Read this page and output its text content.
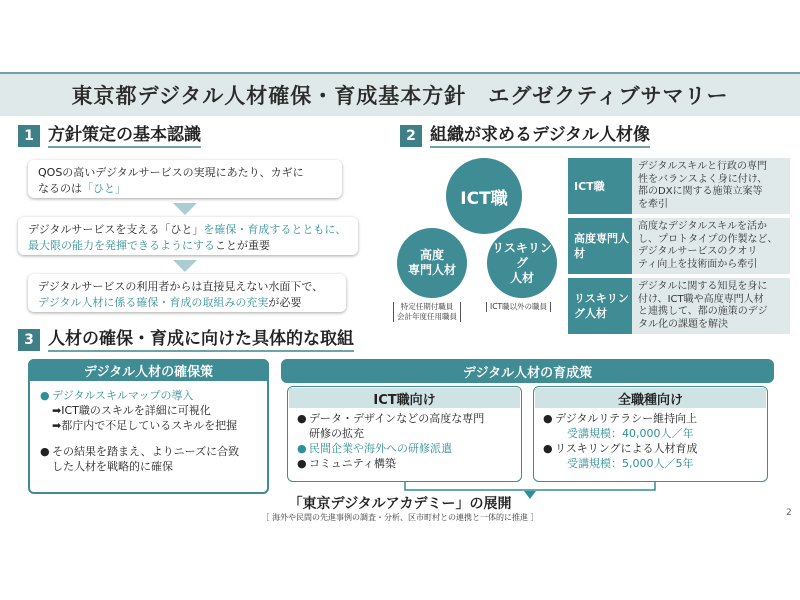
東京都デジタル人材確保・育成基本方針　エグゼクティブサマリー
1 方針策定の基本認識
QOSの高いデジタルサービスの実現にあたり、カギに
なるのは「ひと」
デジタルサービスを支える「ひと」を確保・育成するとともに、
最大限の能力を発揮できるようにすることが重要
デジタルサービスの利用者からは直接見えない水面下で、
デジタル人材に係る確保・育成の取組みの充実が必要
2 組織が求めるデジタル人材像
ICT職
高度
専門人材
リスキリング
人材
特定任期付職員
会計年度任用職員
ICT職以外の職員
ICT職
デジタルスキルと行政の専門
性をバランスよく身に付け、
都のDXに関する施策立案等
を牽引
高度専門人材
高度なデジタルスキルを活か
し、プロトタイプの作製など、
デジタルサービスのクオリ
ティ向上を技術面から牽引
リスキリング人材
デジタルに関する知見を身に
付け、ICT職や高度専門人材
と連携して、都の施策のデジ
タル化の課題を解決
3 人材の確保・育成に向けた具体的な取組
デジタル人材の確保策
● デジタルスキルマップの導入
➡ICT職のスキルを詳細に可視化
➡都庁内で不足しているスキルを把握
● その結果を踏まえ、よりニーズに合致
した人材を戦略的に確保
デジタル人材の育成策
ICT職向け
● データ・デザインなどの高度な専門
研修の拡充
● 民間企業や海外への研修派遣
● コミュニティ構築
全職種向け
● デジタルリテラシー維持向上
受講規模：40,000人／年
● リスキリングによる人材育成
受講規模：5,000人／5年
「東京デジタルアカデミー」の展開
［ 海外や民間の先進事例の調査・分析、区市町村との連携と一体的に推進 ］	2
